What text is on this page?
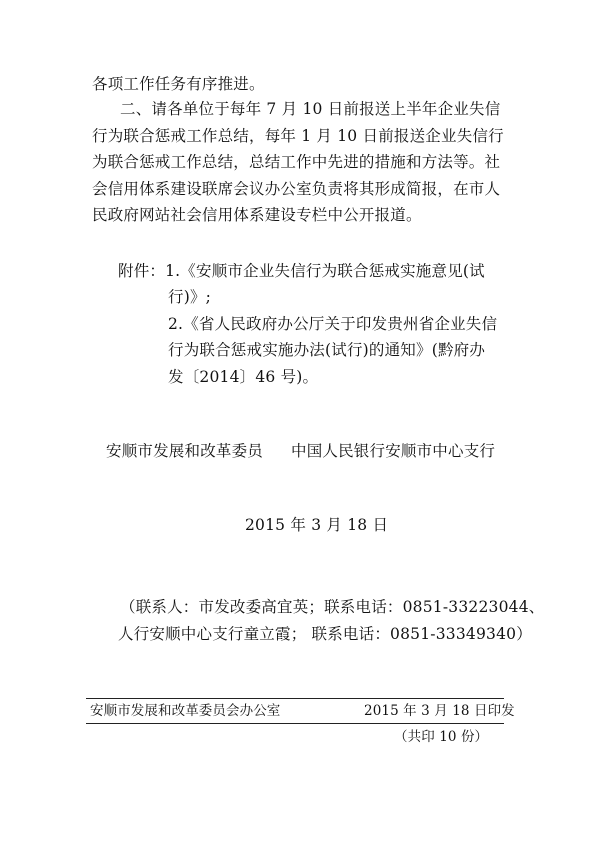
各项工作任务有序推进。
二、请各单位于每年 7 月 10 日前报送上半年企业失信
行为联合惩戒工作总结，每年 1 月 10 日前报送企业失信行
为联合惩戒工作总结，总结工作中先进的措施和方法等。社
会信用体系建设联席会议办公室负责将其形成简报，在市人
民政府网站社会信用体系建设专栏中公开报道。
附件：1.《安顺市企业失信行为联合惩戒实施意见(试
行)》;
2.《省人民政府办公厅关于印发贵州省企业失信
行为联合惩戒实施办法(试行)的通知》(黔府办
发〔2014〕46 号)。
安顺市发展和改革委员 中国人民银行安顺市中心支行
2015 年 3 月 18 日
（联系人：市发改委高宜英；联系电话：0851-33223044、
人行安顺中心支行童立霞； 联系电话：0851-33349340）
安顺市发展和改革委员会办公室	2015 年 3 月 18 日印发
（共印 10 份）
